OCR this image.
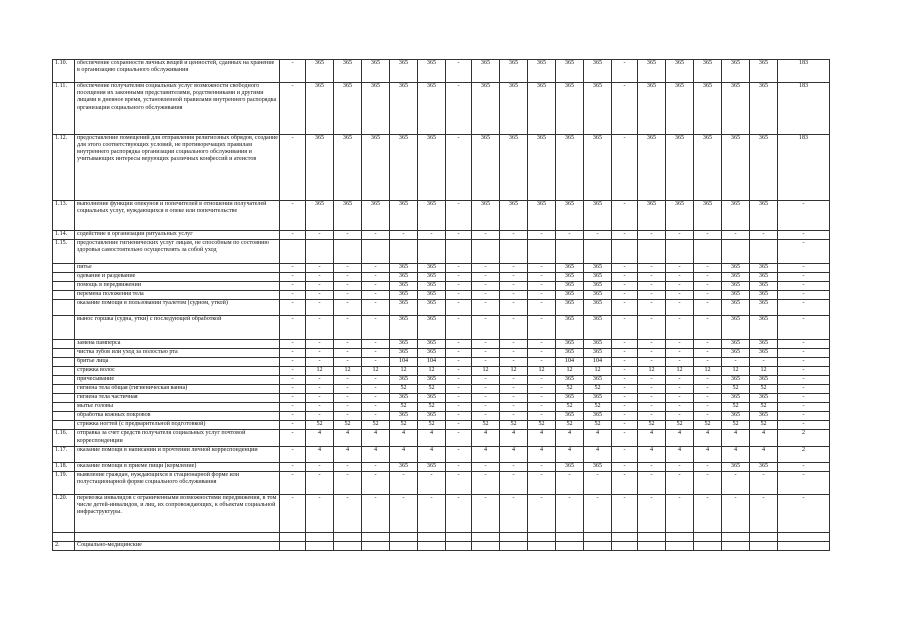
1.10.	обеспечение сохранности личных вещей и ценностей, сданных на хранение в организацию социального обслуживания	-	365	365	365	365	365	-	365	365	365	365	365	-	365	365	365	365	365	183
1.11.	обеспечение получателям социальных услуг возможности свободного посещения их законными представителями, родственниками и другими лицами в дневное время, установленной правилами внутреннего распорядка организации социального обслуживания	-	365	365	365	365	365	-	365	365	365	365	365	-	365	365	365	365	365	183
1.12.	предоставление помещений для отправления религиозных обрядов, создание для этого соответствующих условий, не противоречащих правилам внутреннего распорядка организации социального обслуживания и учитывающих интересы верующих различных конфессий и атеистов	-	365	365	365	365	365	-	365	365	365	365	365	-	365	365	365	365	365	183
1.13.	выполнение функции опекунов и попечителей в отношении получателей социальных услуг, нуждающихся в опеке или попечительстве	-	365	365	365	365	365	-	365	365	365	365	365	-	365	365	365	365	365	-
1.14.	содействие в организации ритуальных услуг	-	-	-	-	-	-	-	-	-	-	-	-	-	-	-	-	-	-	-
1.15.	предоставление гигиенических услуг лицам, не способным по состоянию здоровья самостоятельно осуществлять за собой уход																			-
	питье	-	-	-	-	365	365	-	-	-	-	365	365	-	-	-	-	365	365	-
	одевание и раздевание	-	-	-	-	365	365	-	-	-	-	365	365	-	-	-	-	365	365	-
	помощь в передвижении	-	-	-	-	365	365	-	-	-	-	365	365	-	-	-	-	365	365	-
	перемена положения тела	-	-	-	-	365	365	-	-	-	-	365	365	-	-	-	-	365	365	-
	оказание помощи в пользовании туалетом (судном, уткой)	-	-	-	-	365	365	-	-	-	-	365	365	-	-	-	-	365	365	-
	вынос горшка (судна, утки) с последующей обработкой	-	-	-	-	365	365	-	-	-	-	365	365	-	-	-	-	365	365	-
	замена памперса	-	-	-	-	365	365	-	-	-	-	365	365	-	-	-	-	365	365	-
	чистка зубов или уход за полостью рта	-	-	-	-	365	365	-	-	-	-	365	365	-	-	-	-	365	365	-
	бритье лица	-	-	-	-	104	104	-	-	-	-	104	104	-	-	-	-	-	-	-
	стрижка волос	-	12	12	12	12	12	-	12	12	12	12	12	-	12	12	12	12	12	-
	причесывание	-	-	-	-	365	365	-	-	-	-	365	365	-	-	-	-	365	365	-
	гигиена тела общая (гигиеническая ванна)	-	-	-	-	52	52	-	-	-	-	52	52	-	-	-	-	52	52	-
	гигиена тела частичная	-	-	-	-	365	365	-	-	-	-	365	365	-	-	-	-	365	365	-
	мытье головы	-	-	-	-	52	52	-	-	-	-	52	52	-	-	-	-	52	52	-
	обработка кожных покровов	-	-	-	-	365	365	-	-	-	-	365	365	-	-	-	-	365	365	-
	стрижка ногтей (с предварительной подготовкой)	-	52	52	52	52	52	-	52	52	52	52	52	-	52	52	52	52	52	-
1.16.	отправка за счет средств получателя социальных услуг почтовой корреспонденции	-	4	4	4	4	4	-	4	4	4	4	4	-	4	4	4	4	4	2
1.17.	оказание помощи в написании и прочтении личной корреспонденции	-	4	4	4	4	4	-	4	4	4	4	4	-	4	4	4	4	4	2
1.18.	оказание помощи в приеме пищи (кормление)	-	-	-	-	365	365	-	-	-	-	365	365	-	-	-	-	365	365	-
1.19.	выявление граждан, нуждающихся в стационарной форме или полустационарной форме социального обслуживания	-	-	-	-	-	-	-	-	-	-	-	-	-	-	-	-	-	-	-
1.20.	перевозка инвалидов с ограниченными возможностями передвижения, в том числе детей-инвалидов, и лиц, их сопровождающих, к объектам социальной инфраструктуры.	-	-	-	-	-	-	-	-	-	-	-	-	-	-	-	-	-	-	-

2.	Социально-медицинские																			
